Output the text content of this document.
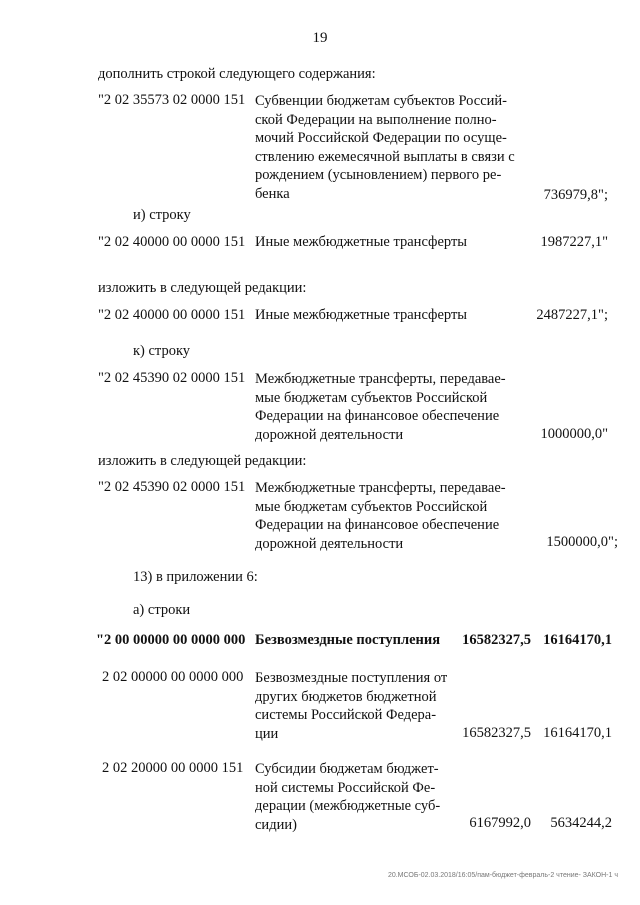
19
дополнить строкой следующего содержания:
"2 02 35573 02 0000 151 Субвенции бюджетам субъектов Россий-
ской Федерации на выполнение полно-
мочий Российской Федерации по осуще-
ствлению ежемесячной выплаты в связи с
рождением (усыновлением) первого ре-
бенка	736979,8";
и) строку
"2 02 40000 00 0000 151 Иные межбюджетные трансферты	1987227,1"
изложить в следующей редакции:
"2 02 40000 00 0000 151 Иные межбюджетные трансферты	2487227,1";
к) строку
"2 02 45390 02 0000 151 Межбюджетные трансферты, передавае-
мые бюджетам субъектов Российской
Федерации на финансовое обеспечение
дорожной деятельности	1000000,0"
изложить в следующей редакции:
"2 02 45390 02 0000 151 Межбюджетные трансферты, передавае-
мые бюджетам субъектов Российской
Федерации на финансовое обеспечение
дорожной деятельности	1500000,0";
13) в приложении 6:
а) строки
"2 00 00000 00 0000 000 Безвозмездные поступления 16582327,5 16164170,1
2 02 00000 00 0000 000 Безвозмездные поступления от
других бюджетов бюджетной
системы Российской Федера-
ции	16582327,5 16164170,1
2 02 20000 00 0000 151 Субсидии бюджетам бюджет-
ной системы Российской Фе-
дерации (межбюджетные суб-
сидии)	6167992,0 5634244,2
20.МСОБ-02.03.2018/16:05/пам-бюджет-февраль-2 чтение- ЗАКОН-1 ч
